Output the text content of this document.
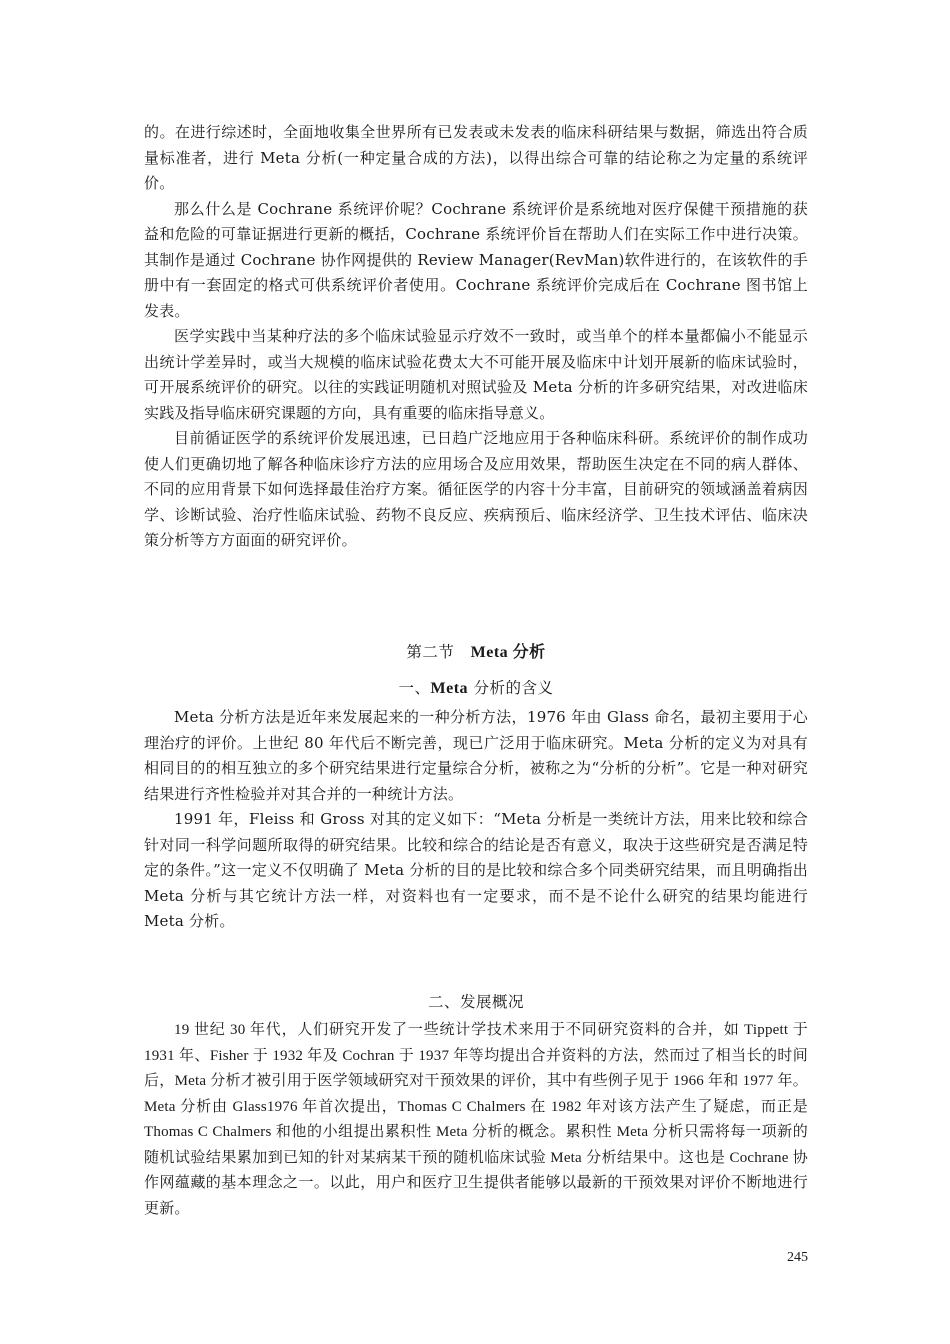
的。在进行综述时，全面地收集全世界所有已发表或未发表的临床科研结果与数据，筛选出符合质量标准者，进行 Meta 分析(一种定量合成的方法)，以得出综合可靠的结论称之为定量的系统评价。

那么什么是 Cochrane 系统评价呢？Cochrane 系统评价是系统地对医疗保健干预措施的获益和危险的可靠证据进行更新的概括，Cochrane 系统评价旨在帮助人们在实际工作中进行决策。其制作是通过 Cochrane 协作网提供的 Review Manager(RevMan)软件进行的，在该软件的手册中有一套固定的格式可供系统评价者使用。Cochrane 系统评价完成后在 Cochrane 图书馆上发表。

医学实践中当某种疗法的多个临床试验显示疗效不一致时，或当单个的样本量都偏小不能显示出统计学差异时，或当大规模的临床试验花费太大不可能开展及临床中计划开展新的临床试验时，可开展系统评价的研究。以往的实践证明随机对照试验及 Meta 分析的许多研究结果，对改进临床实践及指导临床研究课题的方向，具有重要的临床指导意义。

目前循证医学的系统评价发展迅速，已日趋广泛地应用于各种临床科研。系统评价的制作成功使人们更确切地了解各种临床诊疗方法的应用场合及应用效果，帮助医生决定在不同的病人群体、不同的应用背景下如何选择最佳治疗方案。循征医学的内容十分丰富，目前研究的领域涵盖着病因学、诊断试验、治疗性临床试验、药物不良反应、疾病预后、临床经济学、卫生技术评估、临床决策分析等方方面面的研究评价。

第二节 Meta 分析
一、Meta 分析的含义

Meta 分析方法是近年来发展起来的一种分析方法，1976 年由 Glass 命名，最初主要用于心理治疗的评价。上世纪 80 年代后不断完善，现已广泛用于临床研究。Meta 分析的定义为对具有相同目的的相互独立的多个研究结果进行定量综合分析，被称之为“分析的分析”。它是一种对研究结果进行齐性检验并对其合并的一种统计方法。

1991 年，Fleiss 和 Gross 对其的定义如下：“Meta 分析是一类统计方法，用来比较和综合针对同一科学问题所取得的研究结果。比较和综合的结论是否有意义，取决于这些研究是否满足特定的条件。”这一定义不仅明确了 Meta 分析的目的是比较和综合多个同类研究结果，而且明确指出 Meta 分析与其它统计方法一样，对资料也有一定要求，而不是不论什么研究的结果均能进行 Meta 分析。

二、发展概况

19 世纪 30 年代，人们研究开发了一些统计学技术来用于不同研究资料的合并，如 Tippett 于 1931 年、Fisher 于 1932 年及 Cochran 于 1937 年等均提出合并资料的方法，然而过了相当长的时间后，Meta 分析才被引用于医学领域研究对干预效果的评价，其中有些例子见于 1966 年和 1977 年。Meta 分析由 Glass1976 年首次提出，Thomas C Chalmers 在 1982 年对该方法产生了疑虑，而正是 Thomas C Chalmers 和他的小组提出累积性 Meta 分析的概念。累积性 Meta 分析只需将每一项新的随机试验结果累加到已知的针对某病某干预的随机临床试验 Meta 分析结果中。这也是 Cochrane 协作网蕴藏的基本理念之一。以此，用户和医疗卫生提供者能够以最新的干预效果对评价不断地进行更新。

245
